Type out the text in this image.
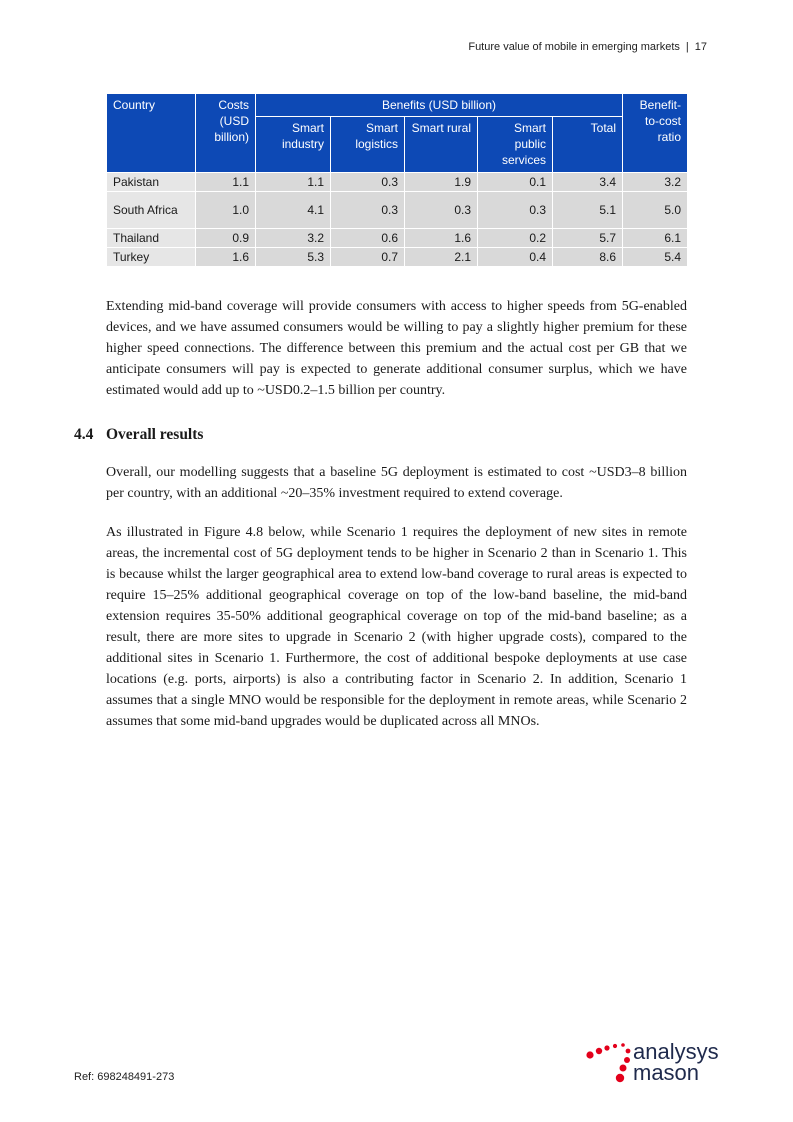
Future value of mobile in emerging markets | 17
Country	Costs (USD billion)	Benefits (USD billion)					Benefit-to-cost ratio
		Smart industry	Smart logistics	Smart rural	Smart public services	Total	
Pakistan	1.1	1.1	0.3	1.9	0.1	3.4	3.2
South Africa	1.0	4.1	0.3	0.3	0.3	5.1	5.0
Thailand	0.9	3.2	0.6	1.6	0.2	5.7	6.1
Turkey	1.6	5.3	0.7	2.1	0.4	8.6	5.4

Extending mid-band coverage will provide consumers with access to higher speeds from 5G-enabled devices, and we have assumed consumers would be willing to pay a slightly higher premium for these higher speed connections. The difference between this premium and the actual cost per GB that we anticipate consumers will pay is expected to generate additional consumer surplus, which we have estimated would add up to ~USD0.2–1.5 billion per country.

4.4 Overall results

Overall, our modelling suggests that a baseline 5G deployment is estimated to cost ~USD3–8 billion per country, with an additional ~20–35% investment required to extend coverage.

As illustrated in Figure 4.8 below, while Scenario 1 requires the deployment of new sites in remote areas, the incremental cost of 5G deployment tends to be higher in Scenario 2 than in Scenario 1. This is because whilst the larger geographical area to extend low-band coverage to rural areas is expected to require 15–25% additional geographical coverage on top of the low-band baseline, the mid-band extension requires 35-50% additional geographical coverage on top of the mid-band baseline; as a result, there are more sites to upgrade in Scenario 2 (with higher upgrade costs), compared to the additional sites in Scenario 1. Furthermore, the cost of additional bespoke deployments at use case locations (e.g. ports, airports) is also a contributing factor in Scenario 2. In addition, Scenario 1 assumes that a single MNO would be responsible for the deployment in remote areas, while Scenario 2 assumes that some mid-band upgrades would be duplicated across all MNOs.

Ref: 698248491-273
analysys
mason
